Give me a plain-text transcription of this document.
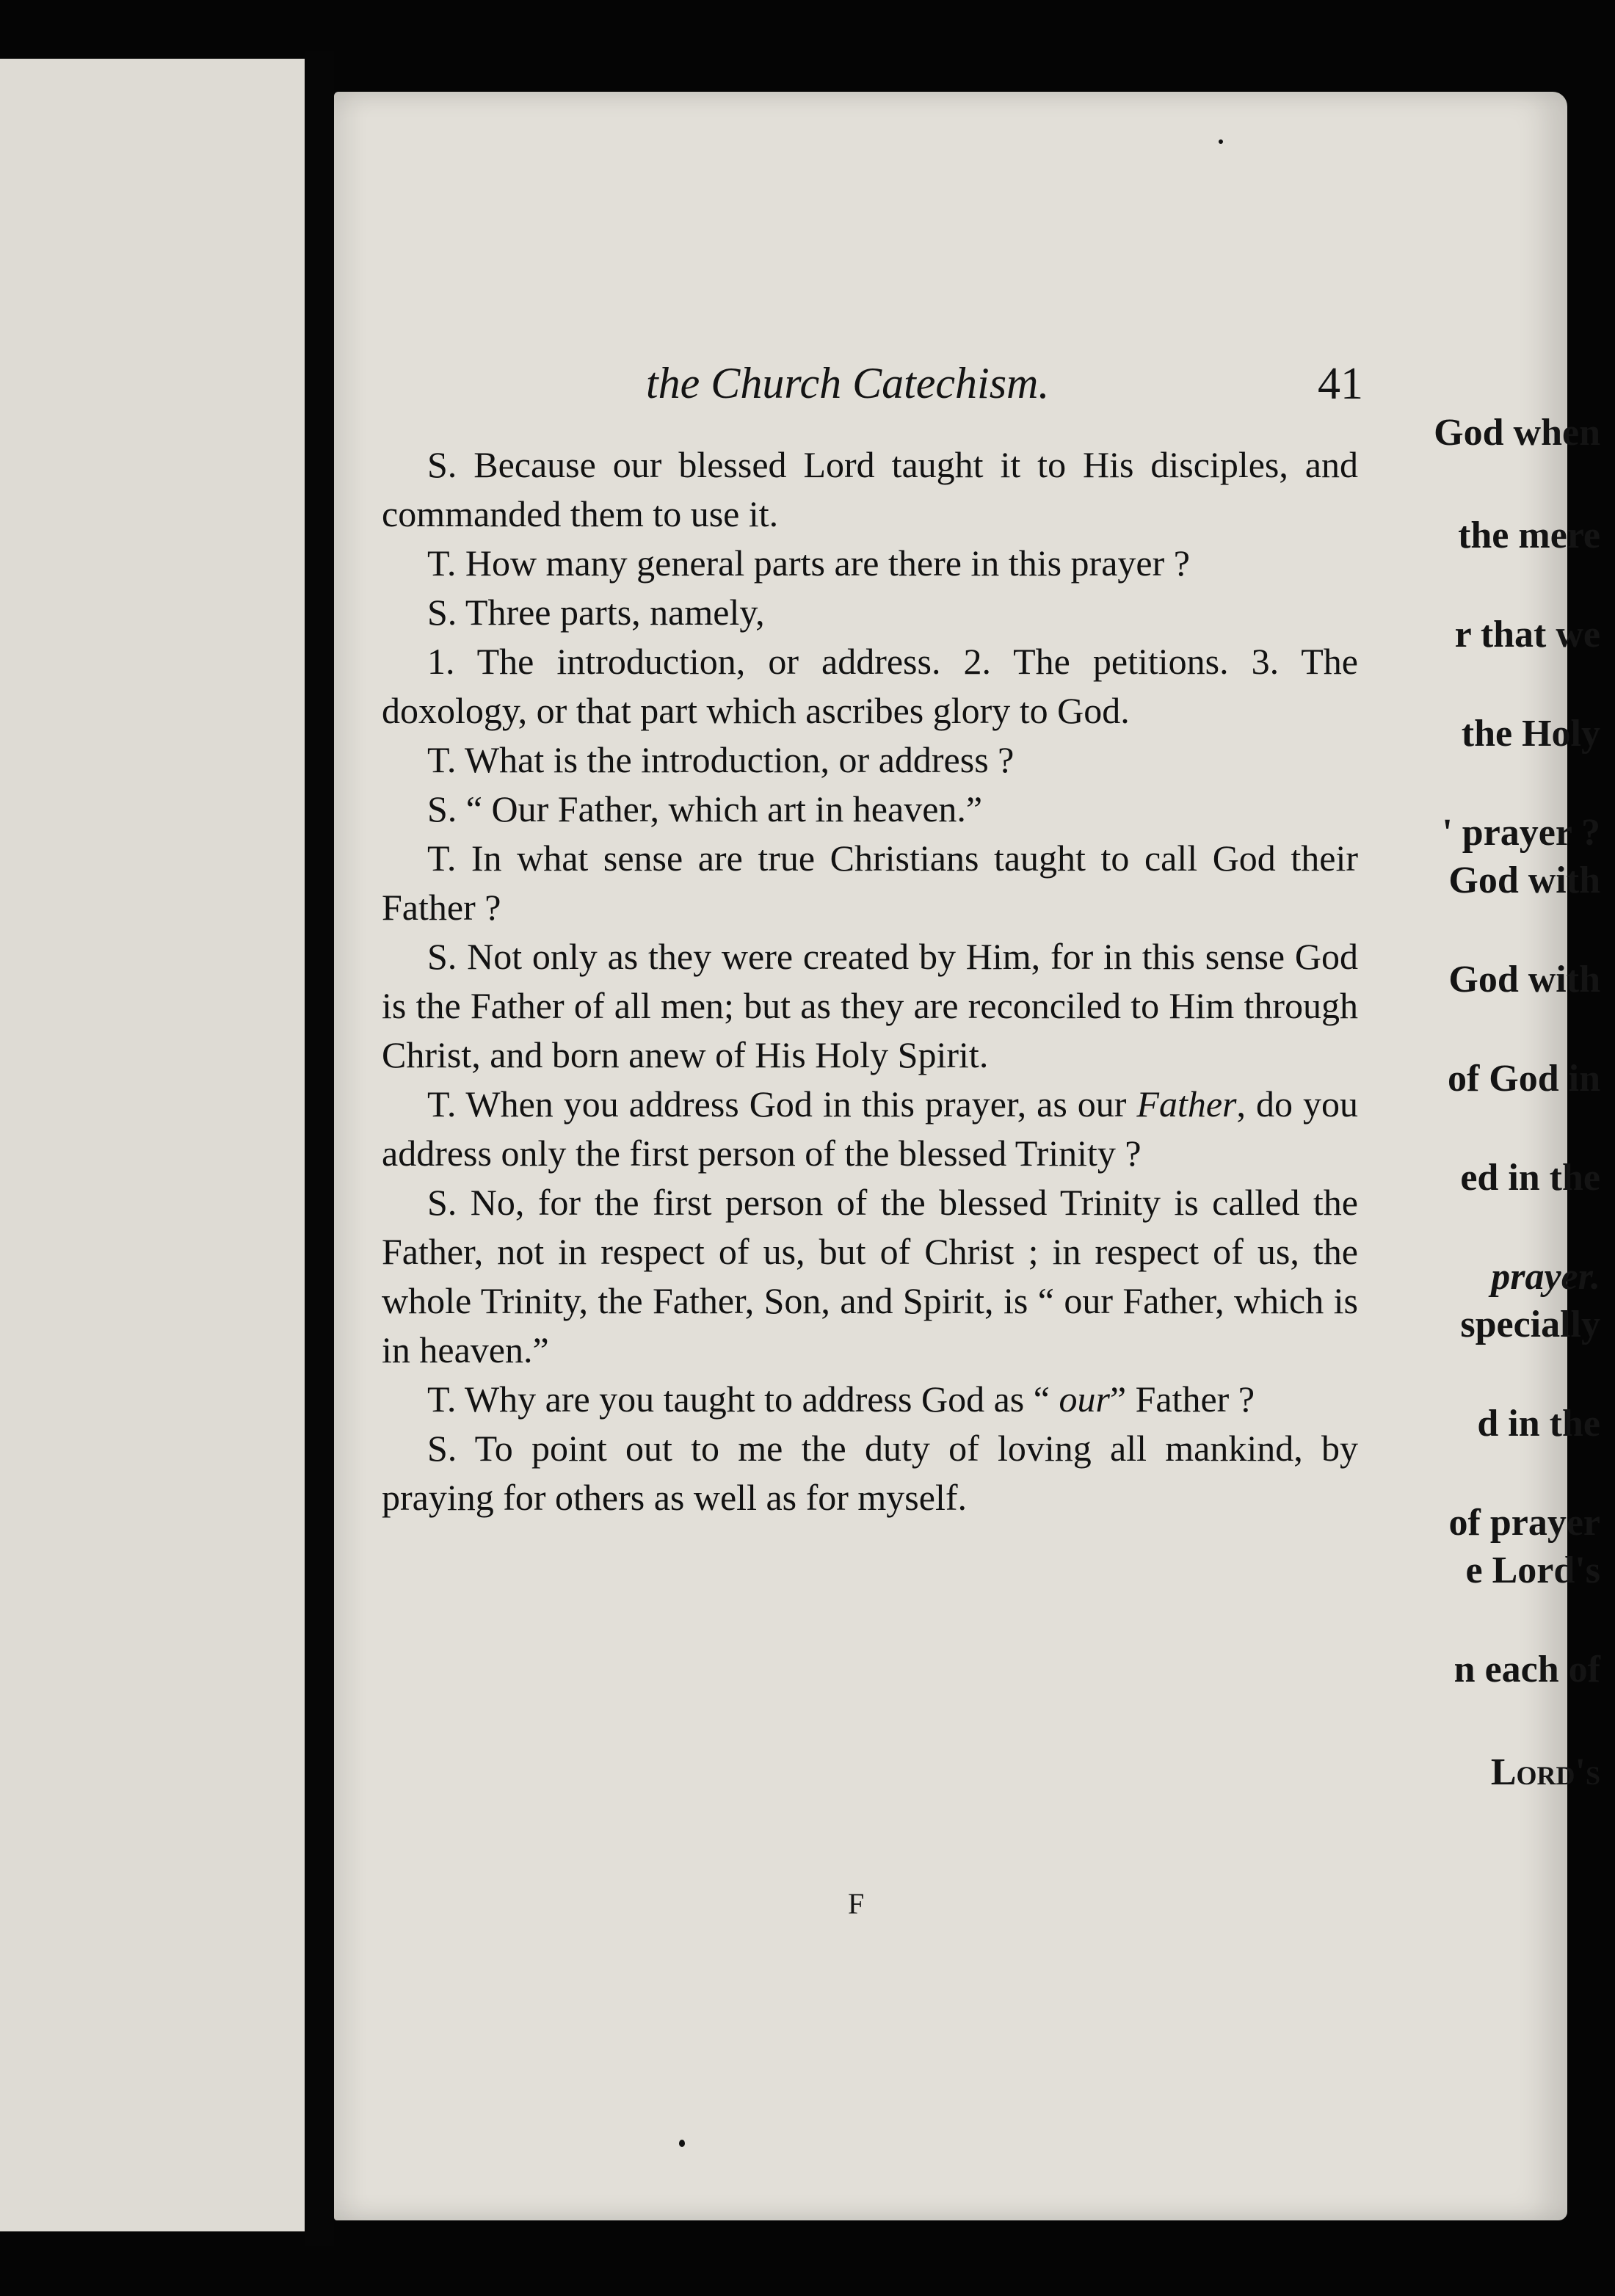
the Church Catechism.	41

S. Because our blessed Lord taught it to His disciples, and commanded them to use it.

T. How many general parts are there in this prayer ?

S. Three parts, namely,

1. The introduction, or address. 2. The petitions. 3. The doxology, or that part which ascribes glory to God.

T. What is the introduction, or address ?

S. “ Our Father, which art in heaven.”

T. In what sense are true Christians taught to call God their Father ?

S. Not only as they were created by Him, for in this sense God is the Father of all men; but as they are reconciled to Him through Christ, and born anew of His Holy Spirit.

T. When you address God in this prayer, as our Father, do you address only the first person of the blessed Trinity ?

S. No, for the first person of the blessed Trinity is called the Father, not in respect of us, but of Christ ; in respect of us, the whole Trinity, the Father, Son, and Spirit, is “ our Father, which is in heaven.”

T. Why are you taught to address God as “ our” Father ?

S. To point out to me the duty of loving all mankind, by praying for others as well as for myself.

F
God when
the mere
r that we
the Holy
' prayer ?
God with
God with
of God in
ed in the
prayer.
specially
d in the
of prayer
e Lord's
n each of
Lord's
